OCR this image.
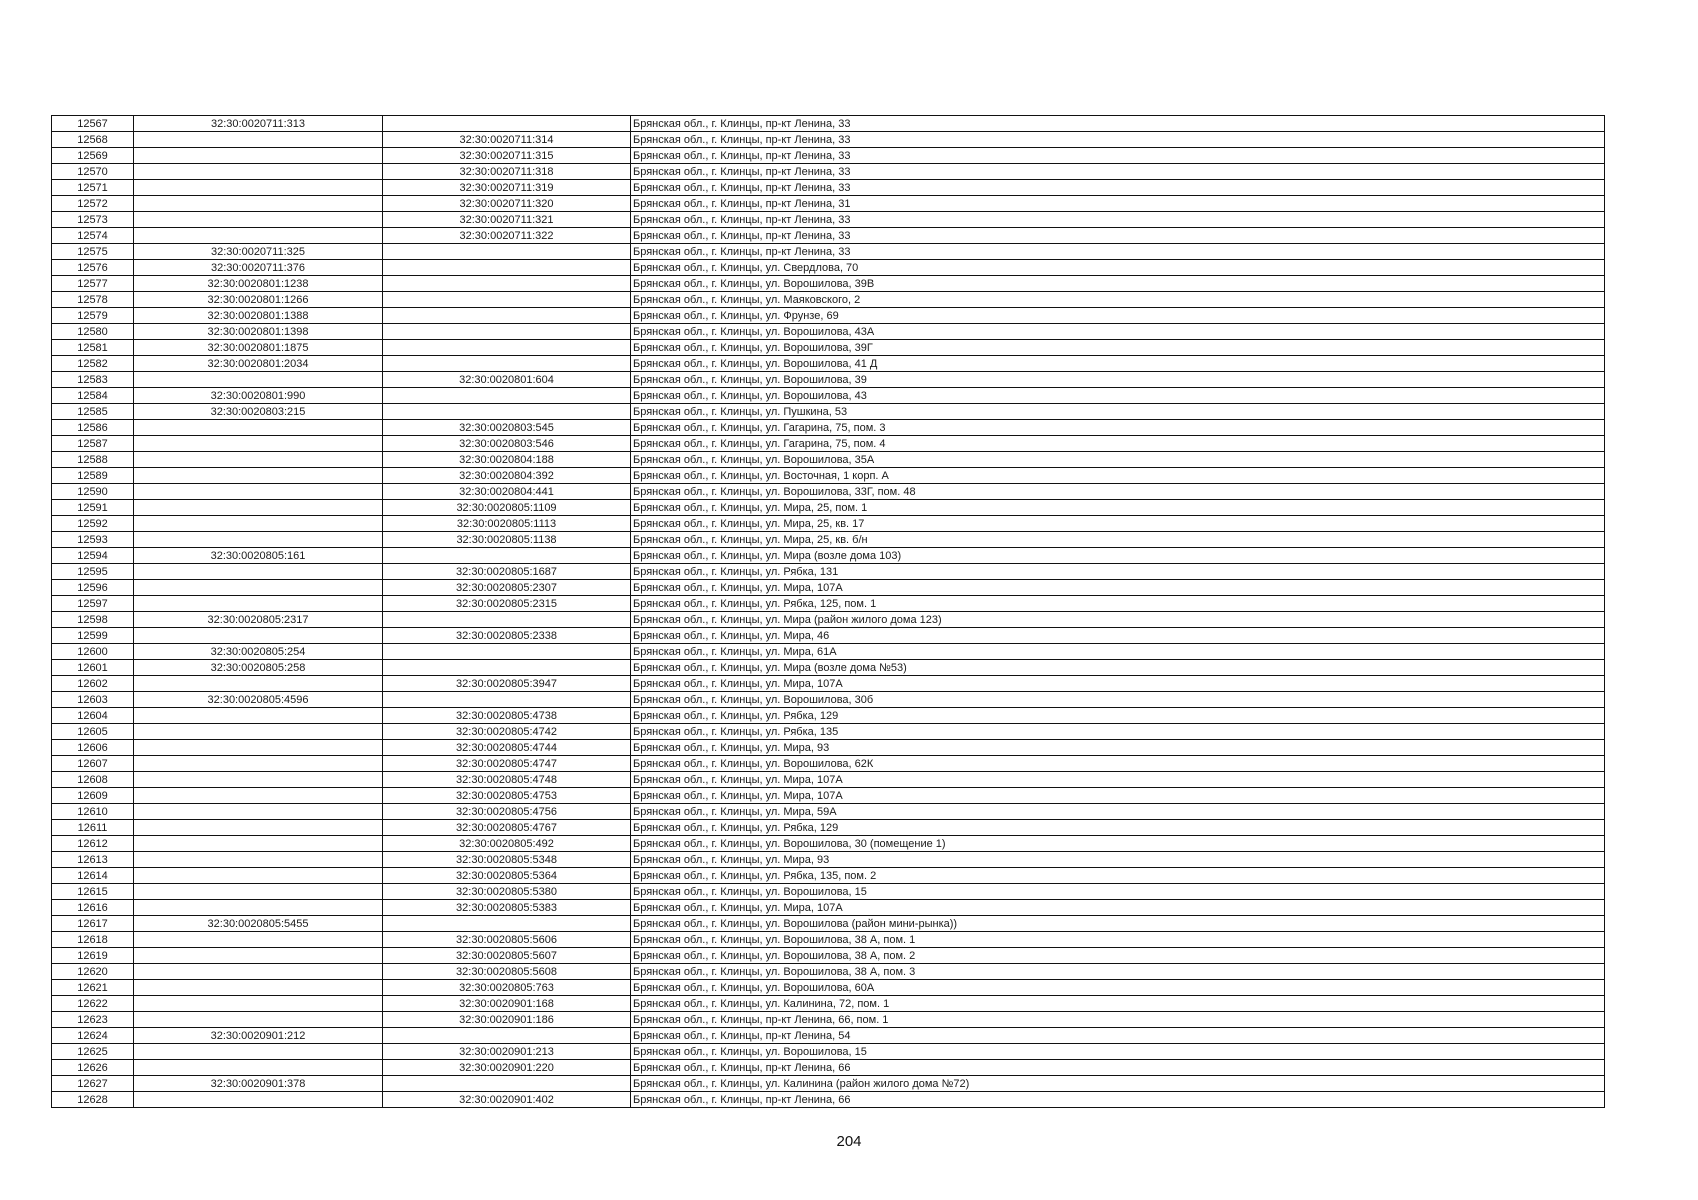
12567	32:30:0020711:313		Брянская обл., г. Клинцы, пр-кт Ленина, 33
12568		32:30:0020711:314	Брянская обл., г. Клинцы, пр-кт Ленина, 33
12569		32:30:0020711:315	Брянская обл., г. Клинцы, пр-кт Ленина, 33
12570		32:30:0020711:318	Брянская обл., г. Клинцы, пр-кт Ленина, 33
12571		32:30:0020711:319	Брянская обл., г. Клинцы, пр-кт Ленина, 33
12572		32:30:0020711:320	Брянская обл., г. Клинцы, пр-кт Ленина, 31
12573		32:30:0020711:321	Брянская обл., г. Клинцы, пр-кт Ленина, 33
12574		32:30:0020711:322	Брянская обл., г. Клинцы, пр-кт Ленина, 33
12575	32:30:0020711:325		Брянская обл., г. Клинцы, пр-кт Ленина, 33
12576	32:30:0020711:376		Брянская обл., г. Клинцы, ул. Свердлова, 70
12577	32:30:0020801:1238		Брянская обл., г. Клинцы, ул. Ворошилова, 39В
12578	32:30:0020801:1266		Брянская обл., г. Клинцы, ул. Маяковского, 2
12579	32:30:0020801:1388		Брянская обл., г. Клинцы, ул. Фрунзе, 69
12580	32:30:0020801:1398		Брянская обл., г. Клинцы, ул. Ворошилова, 43А
12581	32:30:0020801:1875		Брянская обл., г. Клинцы, ул. Ворошилова, 39Г
12582	32:30:0020801:2034		Брянская обл., г. Клинцы, ул. Ворошилова, 41 Д
12583		32:30:0020801:604	Брянская обл., г. Клинцы, ул. Ворошилова, 39
12584	32:30:0020801:990		Брянская обл., г. Клинцы, ул. Ворошилова, 43
12585	32:30:0020803:215		Брянская обл., г. Клинцы, ул. Пушкина, 53
12586		32:30:0020803:545	Брянская обл., г. Клинцы, ул. Гагарина, 75, пом. 3
12587		32:30:0020803:546	Брянская обл., г. Клинцы, ул. Гагарина, 75, пом. 4
12588		32:30:0020804:188	Брянская обл., г. Клинцы, ул. Ворошилова, 35А
12589		32:30:0020804:392	Брянская обл., г. Клинцы, ул. Восточная, 1 корп. А
12590		32:30:0020804:441	Брянская обл., г. Клинцы, ул. Ворошилова, 33Г, пом. 48
12591		32:30:0020805:1109	Брянская обл., г. Клинцы, ул. Мира, 25, пом. 1
12592		32:30:0020805:1113	Брянская обл., г. Клинцы, ул. Мира, 25, кв. 17
12593		32:30:0020805:1138	Брянская обл., г. Клинцы, ул. Мира, 25, кв. б/н
12594	32:30:0020805:161		Брянская обл., г. Клинцы, ул. Мира (возле дома 103)
12595		32:30:0020805:1687	Брянская обл., г. Клинцы, ул. Рябка, 131
12596		32:30:0020805:2307	Брянская обл., г. Клинцы, ул. Мира, 107А
12597		32:30:0020805:2315	Брянская обл., г. Клинцы, ул. Рябка, 125, пом. 1
12598	32:30:0020805:2317		Брянская обл., г. Клинцы, ул. Мира (район жилого дома 123)
12599		32:30:0020805:2338	Брянская обл., г. Клинцы, ул. Мира, 46
12600	32:30:0020805:254		Брянская обл., г. Клинцы, ул. Мира, 61А
12601	32:30:0020805:258		Брянская обл., г. Клинцы, ул. Мира (возле дома №53)
12602		32:30:0020805:3947	Брянская обл., г. Клинцы, ул. Мира, 107А
12603	32:30:0020805:4596		Брянская обл., г. Клинцы, ул. Ворошилова, 30б
12604		32:30:0020805:4738	Брянская обл., г. Клинцы, ул. Рябка, 129
12605		32:30:0020805:4742	Брянская обл., г. Клинцы, ул. Рябка, 135
12606		32:30:0020805:4744	Брянская обл., г. Клинцы, ул. Мира, 93
12607		32:30:0020805:4747	Брянская обл., г. Клинцы, ул. Ворошилова, 62К
12608		32:30:0020805:4748	Брянская обл., г. Клинцы, ул. Мира, 107А
12609		32:30:0020805:4753	Брянская обл., г. Клинцы, ул. Мира, 107А
12610		32:30:0020805:4756	Брянская обл., г. Клинцы, ул. Мира, 59А
12611		32:30:0020805:4767	Брянская обл., г. Клинцы, ул. Рябка, 129
12612		32:30:0020805:492	Брянская обл., г. Клинцы, ул. Ворошилова, 30 (помещение 1)
12613		32:30:0020805:5348	Брянская обл., г. Клинцы, ул. Мира, 93
12614		32:30:0020805:5364	Брянская обл., г. Клинцы, ул. Рябка, 135, пом. 2
12615		32:30:0020805:5380	Брянская обл., г. Клинцы, ул. Ворошилова, 15
12616		32:30:0020805:5383	Брянская обл., г. Клинцы, ул. Мира, 107А
12617	32:30:0020805:5455		Брянская обл., г. Клинцы, ул. Ворошилова (район мини-рынка))
12618		32:30:0020805:5606	Брянская обл., г. Клинцы, ул. Ворошилова, 38 А, пом. 1
12619		32:30:0020805:5607	Брянская обл., г. Клинцы, ул. Ворошилова, 38 А, пом. 2
12620		32:30:0020805:5608	Брянская обл., г. Клинцы, ул. Ворошилова, 38 А, пом. 3
12621		32:30:0020805:763	Брянская обл., г. Клинцы, ул. Ворошилова, 60А
12622		32:30:0020901:168	Брянская обл., г. Клинцы, ул. Калинина, 72, пом. 1
12623		32:30:0020901:186	Брянская обл., г. Клинцы, пр-кт Ленина, 66, пом. 1
12624	32:30:0020901:212		Брянская обл., г. Клинцы, пр-кт Ленина, 54
12625		32:30:0020901:213	Брянская обл., г. Клинцы, ул. Ворошилова, 15
12626		32:30:0020901:220	Брянская обл., г. Клинцы, пр-кт Ленина, 66
12627	32:30:0020901:378		Брянская обл., г. Клинцы, ул. Калинина (район жилого дома №72)
12628		32:30:0020901:402	Брянская обл., г. Клинцы, пр-кт Ленина, 66
204
